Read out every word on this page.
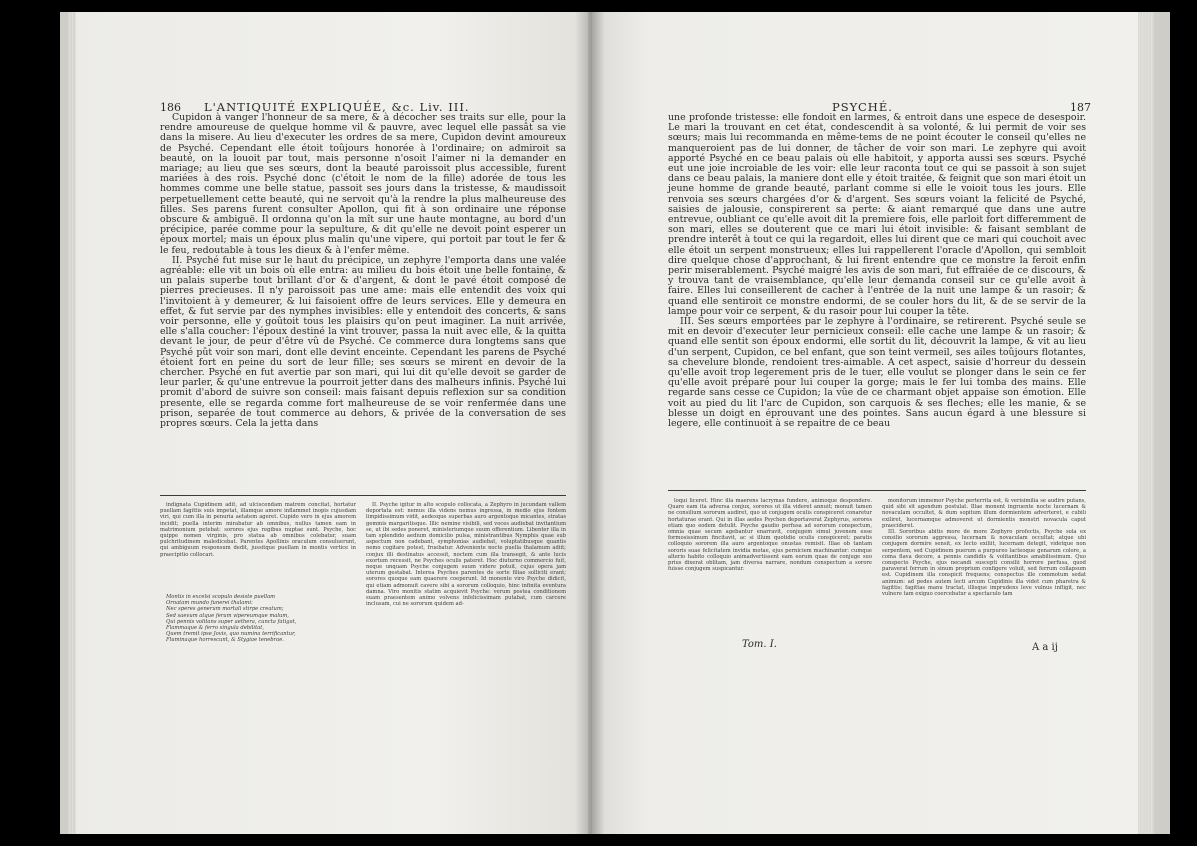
186 L'ANTIQUITÉ EXPLIQUÉE, &c. Liv. III.

Cupidon à vanger l'honneur de sa mere, & à décocher ses traits sur elle, pour la rendre amoureuse de quelque homme vil & pauvre, avec lequel elle passât sa vie dans la misere. Au lieu d'executer les ordres de sa mere, Cupidon devint amoureux de Psyché. Cependant elle étoit toûjours honorée à l'ordinaire; on admiroit sa beauté, on la louoit par tout, mais personne n'osoit l'aimer ni la demander en mariage; au lieu que ses sœurs, dont la beauté paroissoit plus accessible, furent mariées à des rois. Psyché donc (c'étoit le nom de la fille) adorée de tous les hommes comme une belle statue, passoit ses jours dans la tristesse, & maudissoit perpetuellement cette beauté, qui ne servoit qu'à la rendre la plus malheureuse des filles. Ses parens furent consulter Apollon, qui fit à son ordinaire une réponse obscure & ambiguë. Il ordonna qu'on la mît sur une haute montagne, au bord d'un précipice, parée comme pour la sepulture, & dit qu'elle ne devoit point esperer un époux mortel; mais un époux plus malin qu'une vipere, qui portoit par tout le fer & le feu, redoutable à tous les dieux & à l'enfer même.

II. Psyché fut mise sur le haut du précipice, un zephyre l'emporta dans une valée agréable: elle vit un bois où elle entra: au milieu du bois étoit une belle fontaine, & un palais superbe tout brillant d'or & d'argent, & dont le pavé étoit composé de pierres precieuses. Il n'y paroissoit pas une ame: mais elle entendit des voix qui l'invitoient à y demeurer, & lui faisoient offre de leurs services. Elle y demeura en effet, & fut servie par des nymphes invisibles: elle y entendoit des concerts, & sans voir personne, elle y goûtoit tous les plaisirs qu'on peut imaginer. La nuit arrivée, elle s'alla coucher: l'époux destiné la vint trouver, passa la nuit avec elle, & la quitta devant le jour, de peur d'être vû de Psyché. Ce commerce dura longtems sans que Psyché pût voir son mari, dont elle devint enceinte. Cependant les parens de Psyché étoient fort en peine du sort de leur fille; ses sœurs se mirent en devoir de la chercher. Psyché en fut avertie par son mari, qui lui dit qu'elle devoit se garder de leur parler, & qu'une entrevue la pourroit jetter dans des malheurs infinis. Psyché lui promit d'abord de suivre son conseil: mais faisant depuis reflexion sur sa condition presente, elle se regarda comme fort malheureuse de se voir renfermée dans une prison, separée de tout commerce au dehors, & privée de la conversation de ses propres sœurs. Cela la jetta dans

indignata Cupidinem adit, ad ulciscendam matrem concitat, hortatur puellam fagittis suis impetat, illamque amore inflammet inopis cujusdam viri, qui cum illa in penuria aetatem ageret. Cupido vero in ejus amorem incidit; puella interim mirabatur ab omnibus, nullus tamen eam in matrimonium petebat: sorores ejus regibus nuptae sunt. Psyche, hoc quippe nomen virginis, pro statua ab omnibus colebatur, suam pulchritudinem maledicebat. Parentes Apollinis oraculum consuluerunt, qui ambiguum responsum dedit, jussitque puellam in montis vertice in praecipitio collocari.

Montis in excelsi scopulo desiste puellam
Ornatam mundo funerei thalami:
Nec speres generum mortali stirpe creatum;
Sed saevum atque ferum vipereumque malum,
Qui pennis volitans super aethera, cuncta fatigat,
Flammaque & ferro singula debilitat,
Quem tremit ipse Jovis, quo numina terrificantur,
Fluminaque horrescunt, & Stygiae tenebrae.

II. Psyche igitur in alto scopulo collocata, a Zephyro in jucundam vallem deportata est: nemus illa videns nemus ingressa, in medio ejus fontem limpidissimum vidit, aedesque superbas auro argentoque micantes, stratas gemmis margaritisque. Illic nemine visibili, sed voces audiebat invitantium se, ut ibi sedes poneret, ministeriumque suum offerentium. Libenter illa in tam splendido aedium domicilio pulsa, ministrantibus Nymphis quae sub aspectum non cadebant, symphonias audiebat, voluptatibusque quantis nemo cogitare potest, fruebatur. Adveniente nocte puella thalamum adiit; conjux illi destinatus accessit, noctem cum illa transegit, & ante lucis exortum recessit, ne Psyches oculis pateret. Hoc diuturno commercio fuit, neque unquam Psyche conjugem suum videre potuit, cujus opera jam uterum gestabat. Interea Psyches parentes de sorte filiae solliciti erant; sorores quoque eam quaerere coeperunt. Id monente viro Psyche didicit, qui etiam admonuit cavere sibi a sororum colloquio, hinc infinita eventura damna. Viro monitis statim acquievit Psyche: verum postea conditionem suam praesentem animo volvens infelicissimam putabat, cum carcere inclusam, cui ne sororum quidem ad-

PSYCHÉ.	187

une profonde tristesse: elle fondoit en larmes, & entroit dans une espece de desespoir. Le mari la trouvant en cet état, condescendit à sa volonté, & lui permit de voir ses sœurs; mais lui recommanda en même-tems de ne point écouter le conseil qu'elles ne manqueroient pas de lui donner, de tâcher de voir son mari. Le zephyre qui avoit apporté Psyché en ce beau palais où elle habitoit, y apporta aussi ses sœurs. Psyché eut une joie incroiable de les voir: elle leur raconta tout ce qui se passoit à son sujet dans ce beau palais, la maniere dont elle y étoit traitée, & feignit que son mari étoit un jeune homme de grande beauté, parlant comme si elle le voioit tous les jours. Elle renvoia ses sœurs chargées d'or & d'argent. Ses sœurs voiant la felicité de Psyché, saisies de jalousie, conspirerent sa perte: & aiant remarqué que dans une autre entrevue, oubliant ce qu'elle avoit dit la premiere fois, elle parloit fort differemment de son mari, elles se douterent que ce mari lui étoit invisible: & faisant semblant de prendre interêt à tout ce qui la regardoit, elles lui dirent que ce mari qui couchoit avec elle étoit un serpent monstrueux; elles lui rappellerent l'oracle d'Apollon, qui sembloit dire quelque chose d'approchant, & lui firent entendre que ce monstre la feroit enfin perir miserablement. Psyché maigré les avis de son mari, fut effraiée de ce discours, & y trouva tant de vraisemblance, qu'elle leur demanda conseil sur ce qu'elle avoit à faire. Elles lui conseillerent de cacher à l'entrée de la nuit une lampe & un rasoir; & quand elle sentiroit ce monstre endormi, de se couler hors du lit, & de se servir de la lampe pour voir ce serpent, & du rasoir pour lui couper la tête.

III. Ses sœurs emportées par le zephyre à l'ordinaire, se retirerent. Psyché seule se mit en devoir d'executer leur pernicieux conseil: elle cache une lampe & un rasoir; & quand elle sentit son époux endormi, elle sortit du lit, découvrit la lampe, & vit au lieu d'un serpent, Cupidon, ce bel enfant, que son teint vermeil, ses ailes toûjours flotantes, sa chevelure blonde, rendoient tres-aimable. A cet aspect, saisie d'horreur du dessein qu'elle avoit trop legerement pris de le tuer, elle voulut se plonger dans le sein ce fer qu'elle avoit préparé pour lui couper la gorge; mais le fer lui tomba des mains. Elle regarde sans cesse ce Cupidon; la vûe de ce charmant objet appaise son émotion. Elle voit au pied du lit l'arc de Cupidon, son carquois & ses fleches; elle les manie, & se blesse un doigt en éprouvant une des pointes. Sans aucun égard à une blessure si legere, elle continuoit à se repaitre de ce beau

loqui liceret. Hinc illa maerens lacrymas fundere, animoque desponderе. Quare eam ita adversa conjux, sorores ut illa videret annuit; monuit tamen ne consilium sororum audiret, quo ut conjugem oculis conspiceret conaretur hortaturae erant. Qui in illas aedes Psychen deportaverat Zephyrus, sorores etiam quo eodem detulit. Psyche gaudio perfusa ad sororum conspectum, omnia quae secum agebantur enarravit, conjugem simul juvenem esse formosissimum fincitavit, ac si illum quotidie oculis conspiceret; paratis colloquio sororem illa auro argentoque onustas remisit. Illae ob tantam sororis suae felicitatem invidia motae, ejus perniciem machinantur: cumque alterio habito colloquio animadvertissent eam eorum quae de conjuge suo prius dixerat oblitam, jam diversa narrare, nondum conspectum a sorore fuisse conjugem suspicantur.

monitorum immemor Psyche perterrita est, & verisimilia se audire putans, quid sibi sit agendum postulat. Illae monent ingruente nocte lucernam & novaculam occultet, & dum sopitum illum dormientem adverteret, e cubili exiliret, lucernamque admoveret ut dormientis monstri novacula caput praecideret.

III. Sororibus abitis more de more Zephyro profectis, Psyche sola ex consilio sororum aggressa, lucernam & novaculam occultat; atque ubi conjugem dormire sensit, ex lecto exiliit, lucernam detegit, videtque non serpentem, sed Cupidinem puerum a purpureo lacteoque genarum colore, a coma flava decore, a pennis candidis & volitantibus amabilissimum. Quo conspecto Psyche, ejus necandi suscepti consilii horrore perfusa, quod paraverat ferrum in sinum proprium configere voluit, sed ferrum collapsum est. Cupidinem illa conspicit frequens; conspectus ille commotum sedat animum: ad pedes autem lecti arcum Cupidinis illa videt cum pharetra & fagittis; fagittas manu tractat, illisque imprudens leve vulnus infligit, nec vulnere tam exiguo coercebatur a spectaculo tam

Tom. I.	A a ij
